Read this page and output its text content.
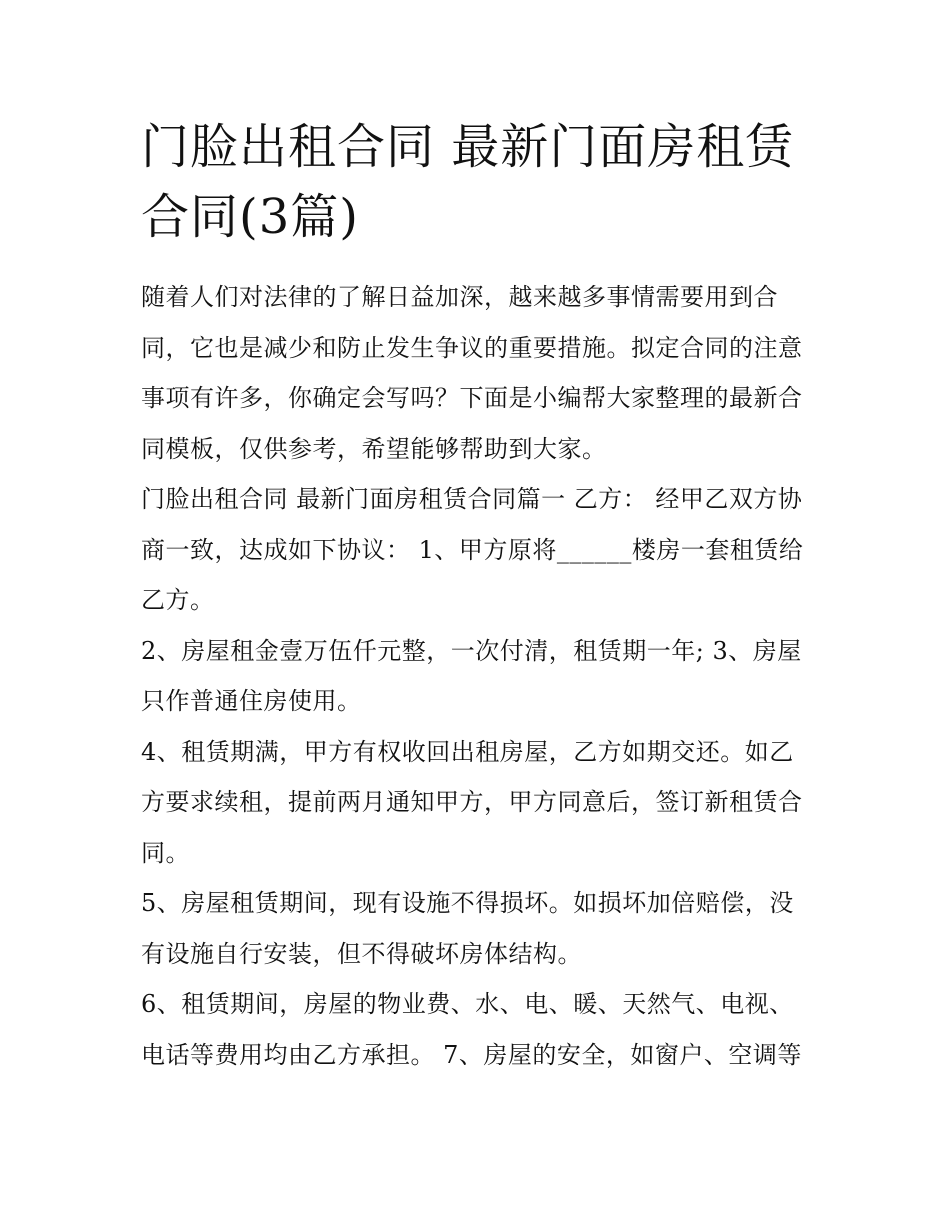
门脸出租合同 最新门面房租赁合同(3篇)

随着人们对法律的了解日益加深，越来越多事情需要用到合同，它也是减少和防止发生争议的重要措施。拟定合同的注意事项有许多，你确定会写吗？下面是小编帮大家整理的最新合同模板，仅供参考，希望能够帮助到大家。

门脸出租合同 最新门面房租赁合同篇一 乙方： 经甲乙双方协商一致，达成如下协议： 1、甲方原将______楼房一套租赁给乙方。

2、房屋租金壹万伍仟元整，一次付清，租赁期一年; 3、房屋只作普通住房使用。

4、租赁期满，甲方有权收回出租房屋，乙方如期交还。如乙方要求续租，提前两月通知甲方，甲方同意后，签订新租赁合同。

5、房屋租赁期间，现有设施不得损坏。如损坏加倍赔偿，没有设施自行安装，但不得破坏房体结构。

6、租赁期间，房屋的物业费、水、电、暖、天然气、电视、电话等费用均由乙方承担。 7、房屋的安全，如窗户、空调等
